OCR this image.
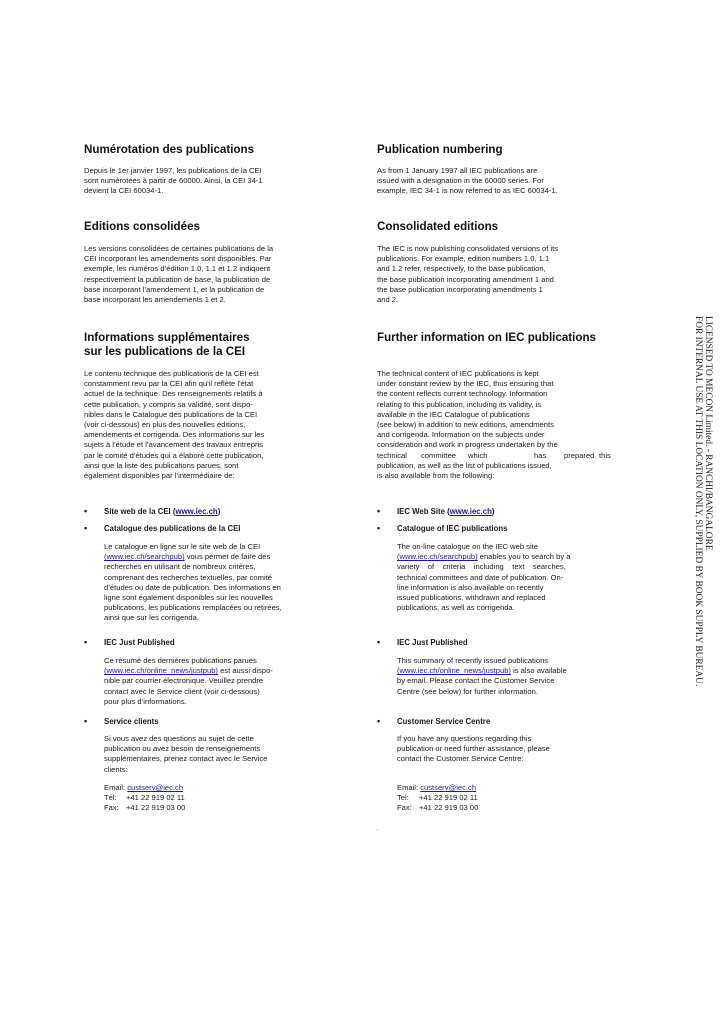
Numérotation des publications
Depuis le 1er janvier 1997, les publications de la CEI
sont numérotées à partir de 60000. Ainsi, la CEI 34-1
devient la CEI 60034-1.
Editions consolidées
Les versions consolidées de certaines publications de la
CEI incorporant les amendements sont disponibles. Par
exemple, les numéros d’édition 1.0, 1.1 et 1.2 indiquent
respectivement la publication de base, la publication de
base incorporant l’amendement 1, et la publication de
base incorporant les amendements 1 et 2.
Informations supplémentaires
sur les publications de la CEI
Le contenu technique des publications de la CEI est
constamment revu par la CEI afin qu'il reflète l'état
actuel de la technique. Des renseignements relatifs à
cette publication, y compris sa validité, sont dispo-
nibles dans le Catalogue des publications de la CEI
(voir ci-dessous) en plus des nouvelles éditions,
amendements et corrigenda. Des informations sur les
sujets à l’étude et l’avancement des travaux entrepris
par le comité d’études qui a élaboré cette publication,
ainsi que la liste des publications parues, sont
également disponibles par l’intermédiaire de:
• Site web de la CEI (www.iec.ch)
• Catalogue des publications de la CEI

Le catalogue en ligne sur le site web de la CEI

(www.iec.ch/searchpub) vous permet de faire des

recherches en utilisant de nombreux critères,

comprenant des recherches textuelles, par comité

d’études ou date de publication. Des informations en

ligne sont également disponibles sur les nouvelles

publications, les publications remplacées ou retirées,

ainsi que sur les corrigenda.

• IEC Just Published

Ce résumé des dernières publications parues

(www.iec.ch/online_news/justpub) est aussi dispo-

nible par courrier électronique. Veuillez prendre

contact avec le Service client (voir ci-dessous)

pour plus d’informations.

• Service clients

Si vous avez des questions au sujet de cette

publication ou avez besoin de renseignements

supplémentaires, prenez contact avec le Service

clients:

Email: custserv@iec.ch

Tél: +41 22 919 02 11

Fax: +41 22 919 03 00

Publication numbering
As from 1 January 1997 all IEC publications are
issued with a designation in the 60000 series. For
example, IEC 34-1 is now referred to as IEC 60034-1.
Consolidated editions
The IEC is now publishing consolidated versions of its
publications. For example, edition numbers 1.0, 1.1
and 1.2 refer, respectively, to the base publication,
the base publication incorporating amendment 1 and
the base publication incorporating amendments 1
and 2.
Further information on IEC publications
The technical content of IEC publications is kept
under constant review by the IEC, thus ensuring that
the content reflects current technology. Information
relating to this publication, including its validity, is
available in the IEC Catalogue of publications
(see below) in addition to new editions, amendments
and corrigenda. Information on the subjects under
consideration and work in progress undertaken by the
technical committee which	has prepared this
publication, as well as the list of publications issued,
is also available from the following:
• IEC Web Site (www.iec.ch)
• Catalogue of IEC publications

The on-line catalogue on the IEC web site

(www.iec.ch/searchpub) enables you to search by a

variety    of    criteria    including    text    searches,

technical committees and date of publication. On-

line information is also available on recently

issued publications, withdrawn and replaced

publications, as well as corrigenda.

• IEC Just Published

This summary of recently issued publications

(www.iec.ch/online_news/justpub) is also available

by email. Please contact the Customer Service

Centre (see below) for further information.

• Customer Service Centre

If you have any questions regarding this

publication or need further assistance, please

contact the Customer Service Centre:

Email: custserv@iec.ch

Tel: +41 22 919 02 11

Fax: +41 22 919 03 00

.
LICENSED TO MECON Limited. - RANCHI/BANGALORE
FOR INTERNAL USE AT THIS LOCATION ONLY, SUPPLIED BY BOOK SUPPLY BUREAU.
